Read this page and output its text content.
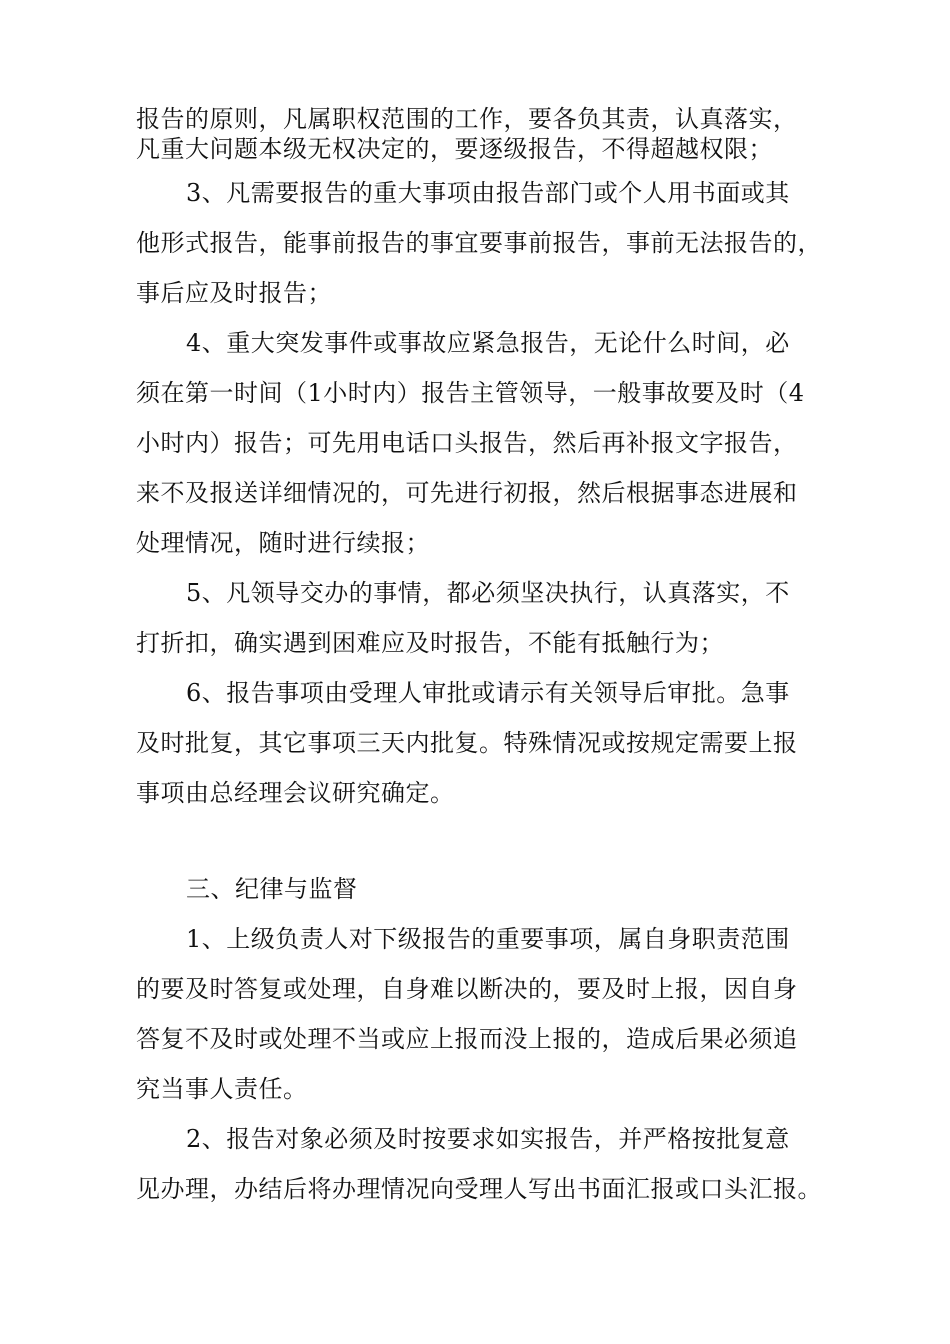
报告的原则，凡属职权范围的工作，要各负其责，认真落实，
凡重大问题本级无权决定的，要逐级报告，不得超越权限；
3、凡需要报告的重大事项由报告部门或个人用书面或其
他形式报告，能事前报告的事宜要事前报告，事前无法报告的，
事后应及时报告；
4、重大突发事件或事故应紧急报告，无论什么时间，必
须在第一时间（1小时内）报告主管领导，一般事故要及时（4
小时内）报告；可先用电话口头报告，然后再补报文字报告，
来不及报送详细情况的，可先进行初报，然后根据事态进展和
处理情况，随时进行续报；
5、凡领导交办的事情，都必须坚决执行，认真落实，不
打折扣，确实遇到困难应及时报告，不能有抵触行为；
6、报告事项由受理人审批或请示有关领导后审批。急事
及时批复，其它事项三天内批复。特殊情况或按规定需要上报
事项由总经理会议研究确定。
三、纪律与监督
1、上级负责人对下级报告的重要事项，属自身职责范围
的要及时答复或处理，自身难以断决的，要及时上报，因自身
答复不及时或处理不当或应上报而没上报的，造成后果必须追
究当事人责任。
2、报告对象必须及时按要求如实报告，并严格按批复意
见办理，办结后将办理情况向受理人写出书面汇报或口头汇报。
